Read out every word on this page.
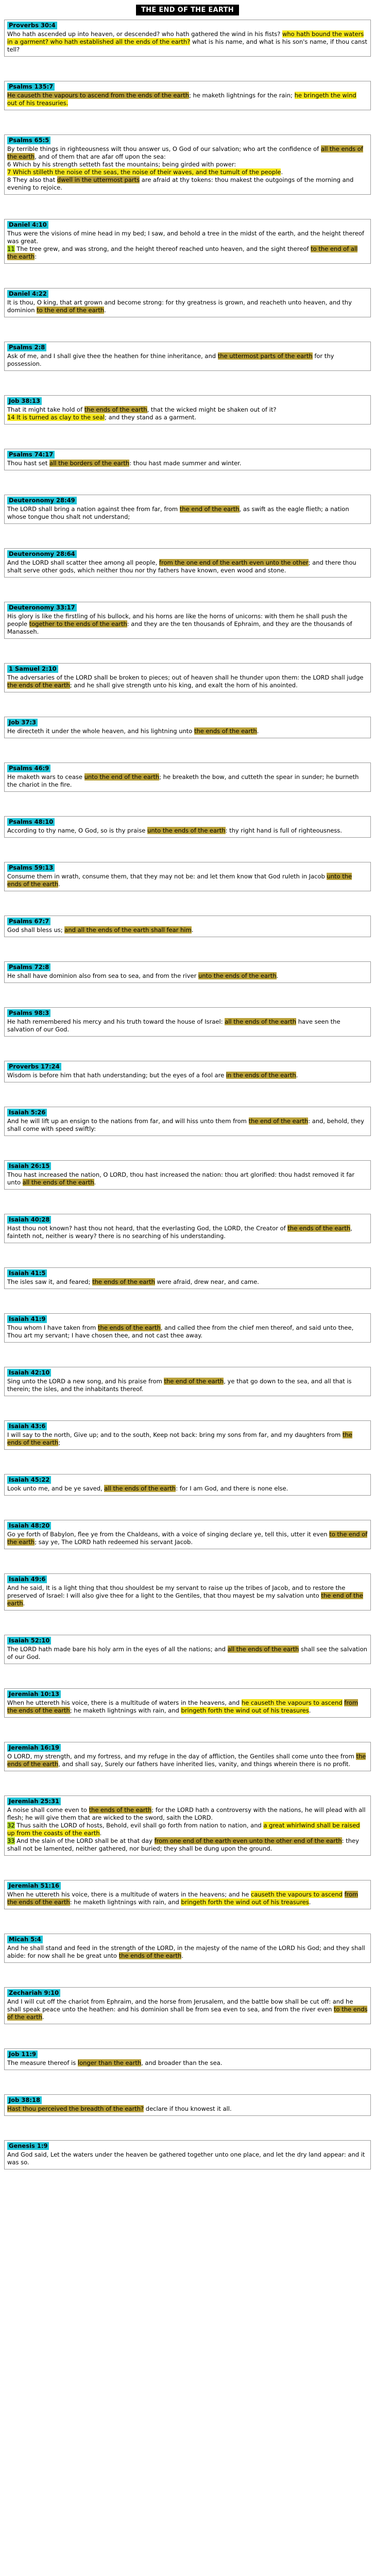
THE END OF THE EARTH
Proverbs 30:4
Who hath ascended up into heaven, or descended? who hath gathered the wind in his fists? who hath bound the waters in a garment? who hath established all the ends of the earth? what is his name, and what is his son's name, if thou canst tell?
Psalms 135:7
He causeth the vapours to ascend from the ends of the earth; he maketh lightnings for the rain; he bringeth the wind out of his treasuries.
Psalms 65:5
By terrible things in righteousness wilt thou answer us, O God of our salvation; who art the confidence of all the ends of the earth, and of them that are afar off upon the sea:
6 Which by his strength setteth fast the mountains; being girded with power:
7 Which stilleth the noise of the seas, the noise of their waves, and the tumult of the people.
8 They also that dwell in the uttermost parts are afraid at thy tokens: thou makest the outgoings of the morning and evening to rejoice.
Daniel 4:10
Thus were the visions of mine head in my bed; I saw, and behold a tree in the midst of the earth, and the height thereof was great.
11 The tree grew, and was strong, and the height thereof reached unto heaven, and the sight thereof to the end of all the earth:
Daniel 4:22
It is thou, O king, that art grown and become strong: for thy greatness is grown, and reacheth unto heaven, and thy dominion to the end of the earth.
Psalms 2:8
Ask of me, and I shall give thee the heathen for thine inheritance, and the uttermost parts of the earth for thy possession.
Job 38:13
That it might take hold of the ends of the earth, that the wicked might be shaken out of it?
14 It is turned as clay to the seal; and they stand as a garment.
Psalms 74:17
Thou hast set all the borders of the earth: thou hast made summer and winter.
Deuteronomy 28:49
The LORD shall bring a nation against thee from far, from the end of the earth, as swift as the eagle flieth; a nation whose tongue thou shalt not understand;
Deuteronomy 28:64
And the LORD shall scatter thee among all people, from the one end of the earth even unto the other; and there thou shalt serve other gods, which neither thou nor thy fathers have known, even wood and stone.
Deuteronomy 33:17
His glory is like the firstling of his bullock, and his horns are like the horns of unicorns: with them he shall push the people together to the ends of the earth: and they are the ten thousands of Ephraim, and they are the thousands of Manasseh.
1 Samuel 2:10
The adversaries of the LORD shall be broken to pieces; out of heaven shall he thunder upon them: the LORD shall judge the ends of the earth; and he shall give strength unto his king, and exalt the horn of his anointed.
Job 37:3
He directeth it under the whole heaven, and his lightning unto the ends of the earth.
Psalms 46:9
He maketh wars to cease unto the end of the earth; he breaketh the bow, and cutteth the spear in sunder; he burneth the chariot in the fire.
Psalms 48:10
According to thy name, O God, so is thy praise unto the ends of the earth: thy right hand is full of righteousness.
Psalms 59:13
Consume them in wrath, consume them, that they may not be: and let them know that God ruleth in Jacob unto the ends of the earth.
Psalms 67:7
God shall bless us; and all the ends of the earth shall fear him.
Psalms 72:8
He shall have dominion also from sea to sea, and from the river unto the ends of the earth.
Psalms 98:3
He hath remembered his mercy and his truth toward the house of Israel: all the ends of the earth have seen the salvation of our God.
Proverbs 17:24
Wisdom is before him that hath understanding; but the eyes of a fool are in the ends of the earth.
Isaiah 5:26
And he will lift up an ensign to the nations from far, and will hiss unto them from the end of the earth: and, behold, they shall come with speed swiftly:
Isaiah 26:15
Thou hast increased the nation, O LORD, thou hast increased the nation: thou art glorified: thou hadst removed it far unto all the ends of the earth.
Isaiah 40:28
Hast thou not known? hast thou not heard, that the everlasting God, the LORD, the Creator of the ends of the earth, fainteth not, neither is weary? there is no searching of his understanding.
Isaiah 41:5
The isles saw it, and feared; the ends of the earth were afraid, drew near, and came.
Isaiah 41:9
Thou whom I have taken from the ends of the earth, and called thee from the chief men thereof, and said unto thee, Thou art my servant; I have chosen thee, and not cast thee away.
Isaiah 42:10
Sing unto the LORD a new song, and his praise from the end of the earth, ye that go down to the sea, and all that is therein; the isles, and the inhabitants thereof.
Isaiah 43:6
I will say to the north, Give up; and to the south, Keep not back: bring my sons from far, and my daughters from the ends of the earth;
Isaiah 45:22
Look unto me, and be ye saved, all the ends of the earth: for I am God, and there is none else.
Isaiah 48:20
Go ye forth of Babylon, flee ye from the Chaldeans, with a voice of singing declare ye, tell this, utter it even to the end of the earth; say ye, The LORD hath redeemed his servant Jacob.
Isaiah 49:6
And he said, It is a light thing that thou shouldest be my servant to raise up the tribes of Jacob, and to restore the preserved of Israel: I will also give thee for a light to the Gentiles, that thou mayest be my salvation unto the end of the earth.
Isaiah 52:10
The LORD hath made bare his holy arm in the eyes of all the nations; and all the ends of the earth shall see the salvation of our God.
Jeremiah 10:13
When he uttereth his voice, there is a multitude of waters in the heavens, and he causeth the vapours to ascend from the ends of the earth; he maketh lightnings with rain, and bringeth forth the wind out of his treasures.
Jeremiah 16:19
O LORD, my strength, and my fortress, and my refuge in the day of affliction, the Gentiles shall come unto thee from the ends of the earth, and shall say, Surely our fathers have inherited lies, vanity, and things wherein there is no profit.
Jeremiah 25:31
A noise shall come even to the ends of the earth; for the LORD hath a controversy with the nations, he will plead with all flesh; he will give them that are wicked to the sword, saith the LORD.
32 Thus saith the LORD of hosts, Behold, evil shall go forth from nation to nation, and a great whirlwind shall be raised up from the coasts of the earth.
33 And the slain of the LORD shall be at that day from one end of the earth even unto the other end of the earth: they shall not be lamented, neither gathered, nor buried; they shall be dung upon the ground.
Jeremiah 51:16
When he uttereth his voice, there is a multitude of waters in the heavens; and he causeth the vapours to ascend from the ends of the earth: he maketh lightnings with rain, and bringeth forth the wind out of his treasures.
Micah 5:4
And he shall stand and feed in the strength of the LORD, in the majesty of the name of the LORD his God; and they shall abide: for now shall he be great unto the ends of the earth.
Zechariah 9:10
And I will cut off the chariot from Ephraim, and the horse from Jerusalem, and the battle bow shall be cut off: and he shall speak peace unto the heathen: and his dominion shall be from sea even to sea, and from the river even to the ends of the earth.
Job 11:9
The measure thereof is longer than the earth, and broader than the sea.
Job 38:18
Hast thou perceived the breadth of the earth? declare if thou knowest it all.
Genesis 1:9
And God said, Let the waters under the heaven be gathered together unto one place, and let the dry land appear: and it was so.
